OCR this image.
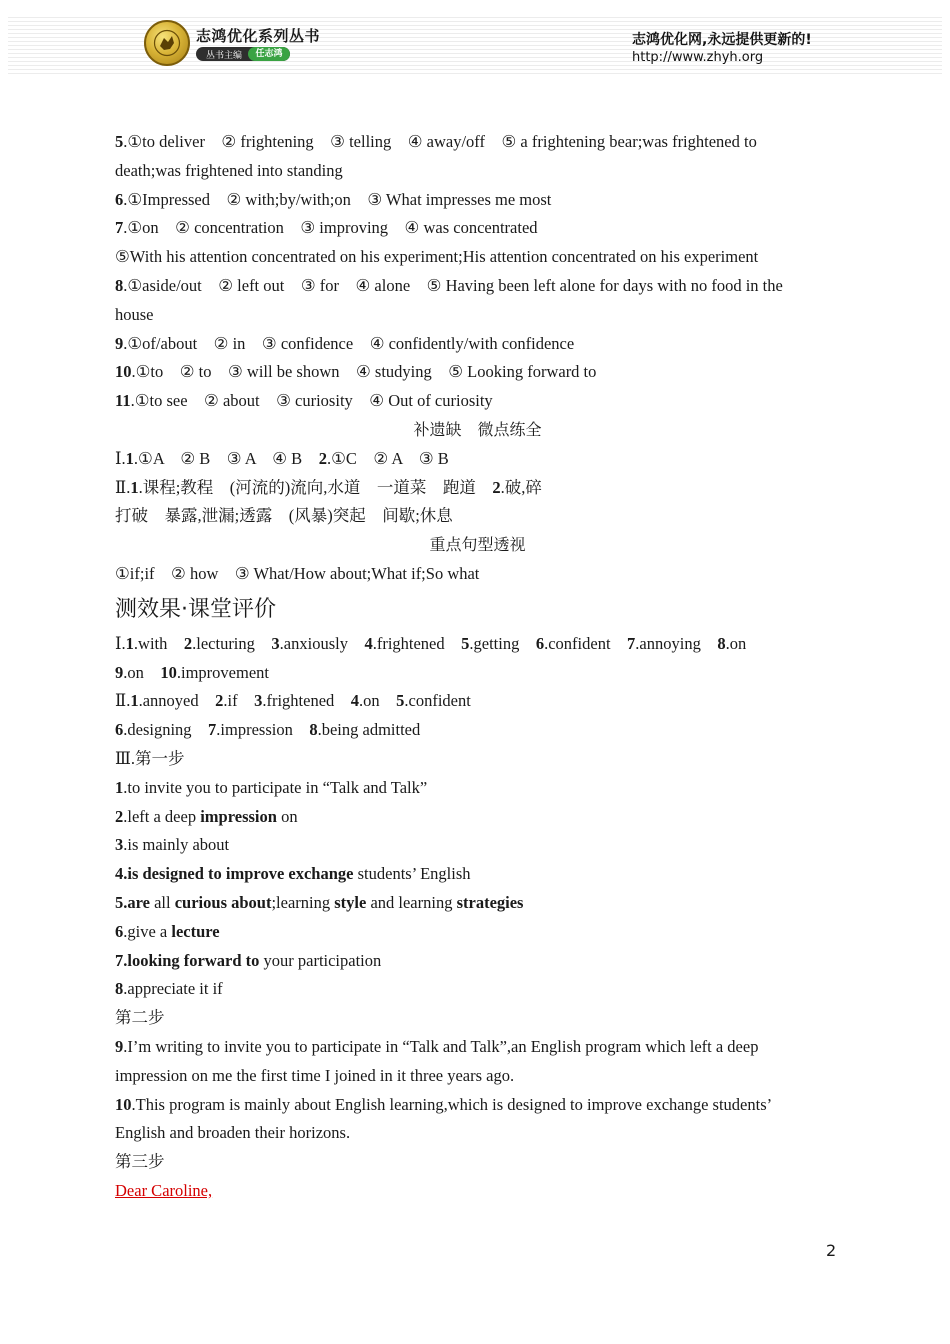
志鸿优化系列丛书
丛书主编	任志鸿
志鸿优化网,永远提供更新的!
http://www.zhyh.org
5.①to deliver　② frightening　③ telling　④ away/off　⑤ a frightening bear;was frightened to
death;was frightened into standing
6.①Impressed　② with;by/with;on　③ What impresses me most
7.①on　② concentration　③ improving　④ was concentrated
⑤With his attention concentrated on his experiment;His attention concentrated on his experiment
8.①aside/out　② left out　③ for　④ alone　⑤ Having been left alone for days with no food in the
house
9.①of/about　② in　③ confidence　④ confidently/with confidence
10.①to　② to　③ will be shown　④ studying　⑤ Looking forward to
11.①to see　② about　③ curiosity　④ Out of curiosity
补遗缺　微点练全
Ⅰ.1.①A　② B　③ A　④ B　2.①C　② A　③ B
Ⅱ.1.课程;教程　(河流的)流向,水道　一道菜　跑道　2.破,碎
打破　暴露,泄漏;透露　(风暴)突起　间歇;休息
重点句型透视
①if;if　② how　③ What/How about;What if;So what
测效果·课堂评价
Ⅰ.1.with　2.lecturing　3.anxiously　4.frightened　5.getting　6.confident　7.annoying　8.on
9.on　10.improvement
Ⅱ.1.annoyed　2.if　3.frightened　4.on　5.confident
6.designing　7.impression　8.being admitted
Ⅲ.第一步
1.to invite you to participate in “Talk and Talk”
2.left a deep impression on
3.is mainly about
4.is designed to improve exchange students’ English
5.are all curious about;learning style and learning strategies
6.give a lecture
7.looking forward to your participation
8.appreciate it if
第二步
9.I’m writing to invite you to participate in “Talk and Talk”,an English program which left a deep
impression on me the first time I joined in it three years ago.
10.This program is mainly about English learning,which is designed to improve exchange students’
English and broaden their horizons.
第三步
Dear Caroline,
2
